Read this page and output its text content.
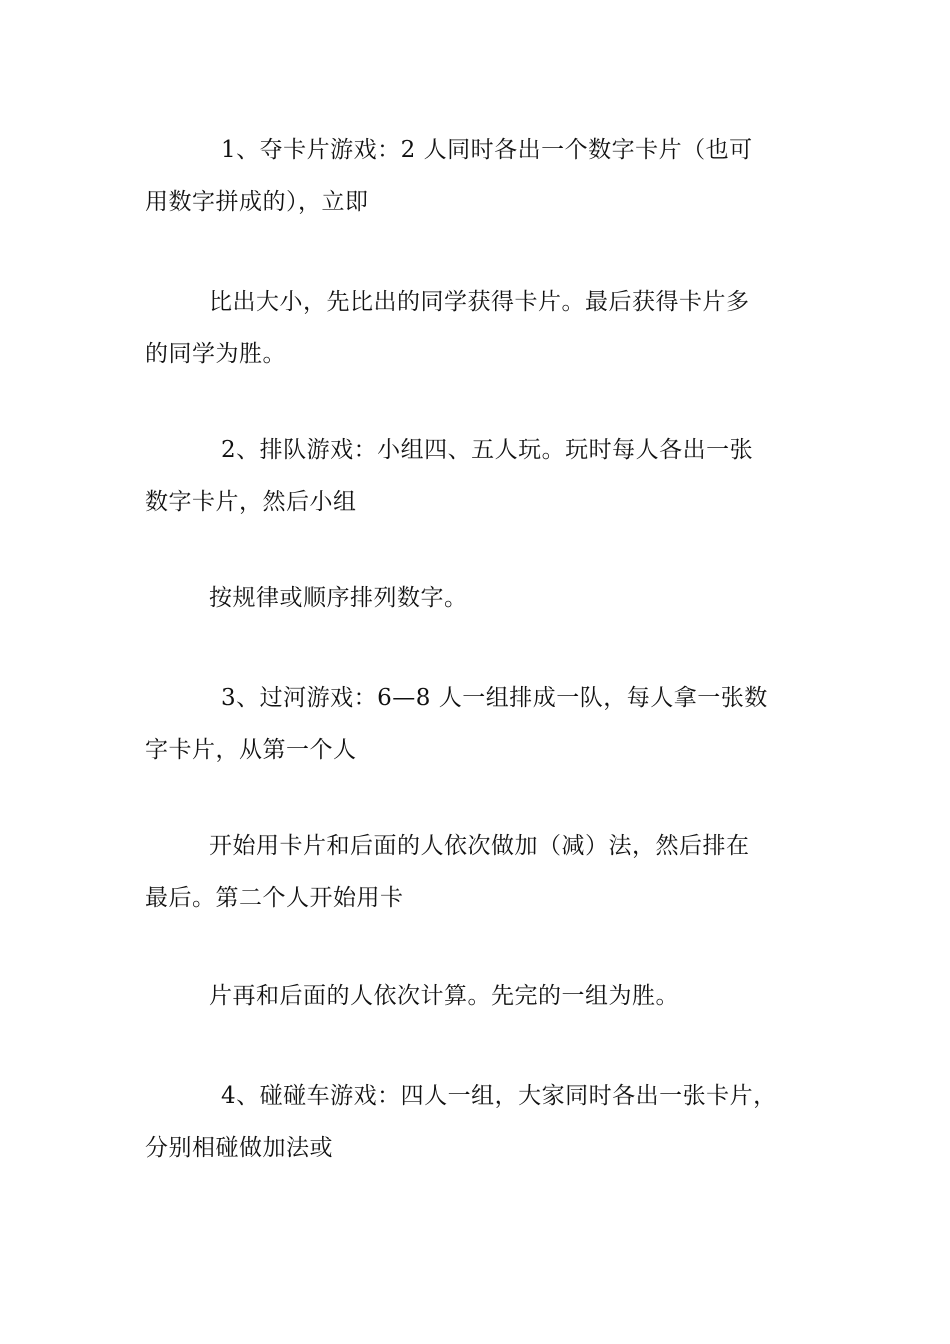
1、夺卡片游戏：2 人同时各出一个数字卡片（也可
用数字拼成的），立即

比出大小，先比出的同学获得卡片。最后获得卡片多
的同学为胜。

2、排队游戏：小组四、五人玩。玩时每人各出一张
数字卡片，然后小组

按规律或顺序排列数字。

3、过河游戏：6—8 人一组排成一队，每人拿一张数
字卡片，从第一个人

开始用卡片和后面的人依次做加（减）法，然后排在
最后。第二个人开始用卡

片再和后面的人依次计算。先完的一组为胜。

4、碰碰车游戏：四人一组，大家同时各出一张卡片，
分别相碰做加法或
